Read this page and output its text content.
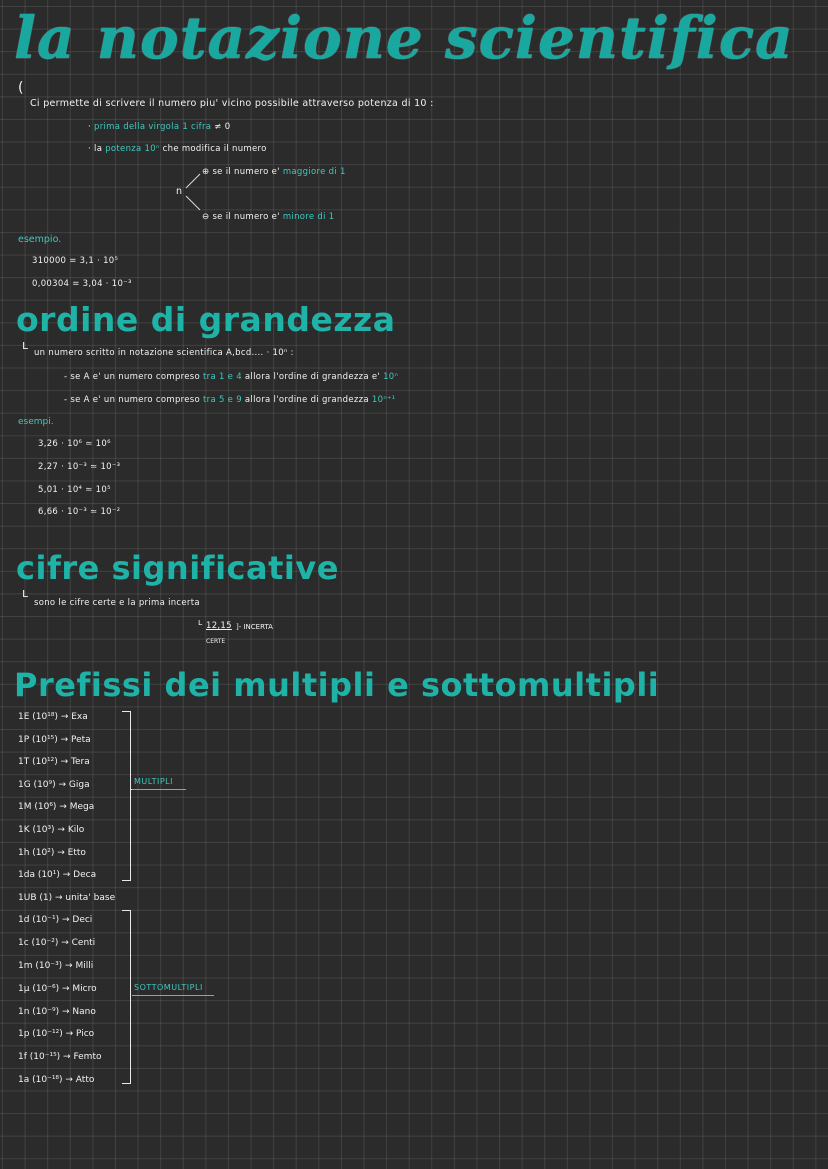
la notazione scientifica
(
Ci permette di scrivere il numero piu' vicino possibile attraverso potenza di 10 :
· prima della virgola 1 cifra ≠ 0
· la potenza 10ⁿ che modifica il numero
n
⊕ se il numero e' maggiore di 1
⊖ se il numero e' minore di 1
esempio.
310000 = 3,1 · 10⁵
0,00304 = 3,04 · 10⁻³
ordine di grandezza
ʟ
un numero scritto in notazione scientifica A,bcd.... · 10ⁿ :
- se A e' un numero compreso tra 1 e 4 allora l'ordine di grandezza e' 10ⁿ
- se A e' un numero compreso tra 5 e 9 allora l'ordine di grandezza 10ⁿ⁺¹
esempi.
3,26 · 10⁶ ≃ 10⁶
2,27 · 10⁻³ ≃ 10⁻³
5,01 · 10⁴ ≃ 10⁵
6,66 · 10⁻³ ≃ 10⁻²
cifre significative
ʟ
sono le cifre certe e la prima incerta
ʟ 12,15 ]- INCERTA
CERTE
Prefissi dei multipli e sottomultipli
1E (10¹⁸) → Exa
1P (10¹⁵) → Peta
1T (10¹²) → Tera
1G (10⁹) → Giga
1M (10⁶) → Mega
1K (10³) → Kilo
1h (10²) → Etto
1da (10¹) → Deca
1UB (1) → unita' base
1d (10⁻¹) → Deci
1c (10⁻²) → Centi
1m (10⁻³) → Milli
1μ (10⁻⁶) → Micro
1n (10⁻⁹) → Nano
1p (10⁻¹²) → Pico
1f (10⁻¹⁵) → Femto
1a (10⁻¹⁸) → Atto
MULTIPLI
SOTTOMULTIPLI
